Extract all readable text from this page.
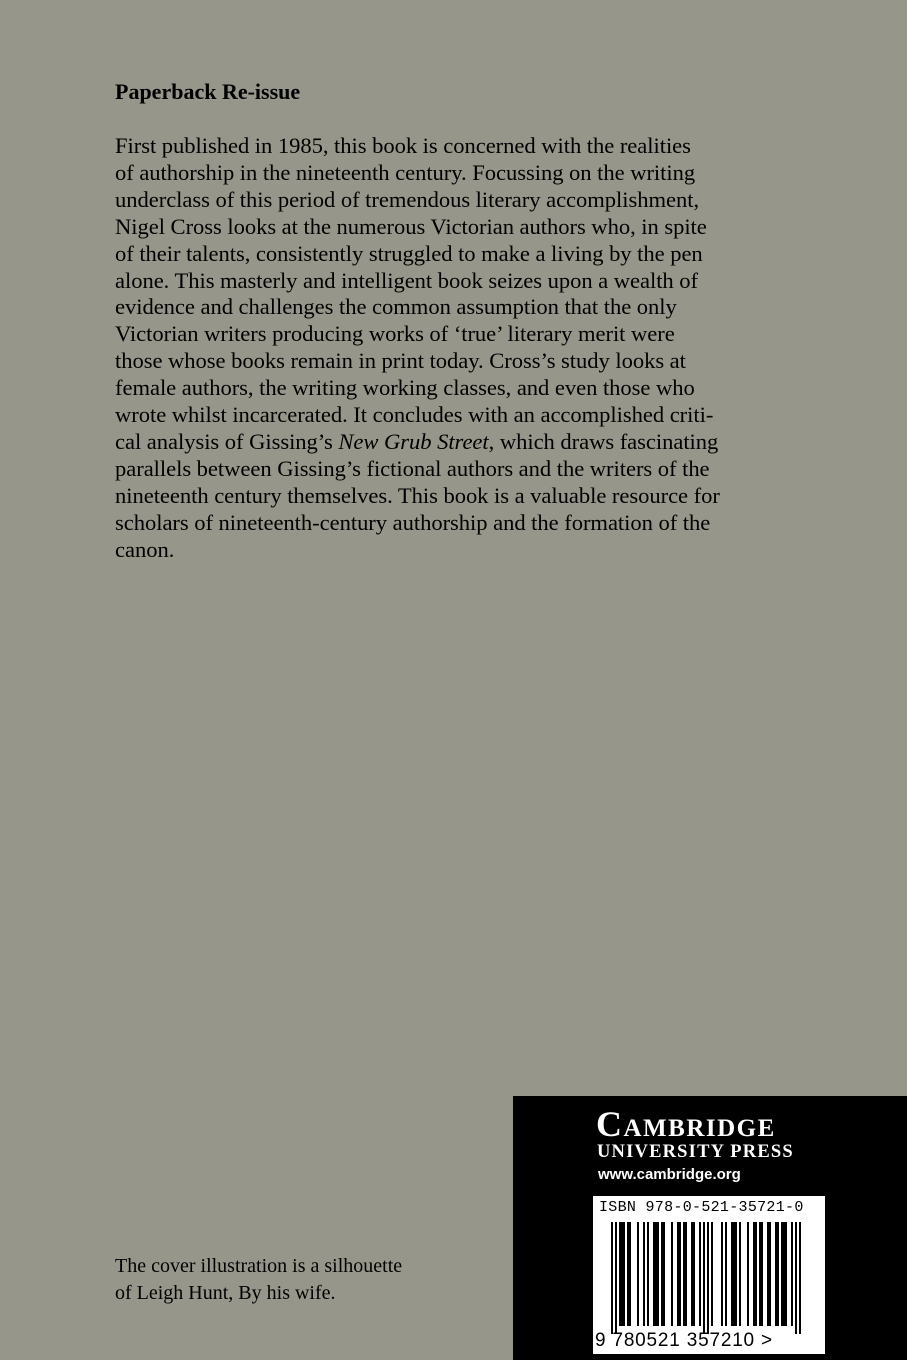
Paperback Re-issue

First published in 1985, this book is concerned with the realities
of authorship in the nineteenth century. Focussing on the writing
underclass of this period of tremendous literary accomplishment,
Nigel Cross looks at the numerous Victorian authors who, in spite
of their talents, consistently struggled to make a living by the pen
alone. This masterly and intelligent book seizes upon a wealth of
evidence and challenges the common assumption that the only
Victorian writers producing works of ‘true’ literary merit were
those whose books remain in print today. Cross’s study looks at
female authors, the writing working classes, and even those who
wrote whilst incarcerated. It concludes with an accomplished criti-
cal analysis of Gissing’s New Grub Street, which draws fascinating
parallels between Gissing’s fictional authors and the writers of the
nineteenth century themselves. This book is a valuable resource for
scholars of nineteenth-century authorship and the formation of the
canon.

The cover illustration is a silhouette
of Leigh Hunt, By his wife.

Cambridge
UNIVERSITY PRESS
www.cambridge.org
ISBN 978-0-521-35721-0
9 780521 357210 >
